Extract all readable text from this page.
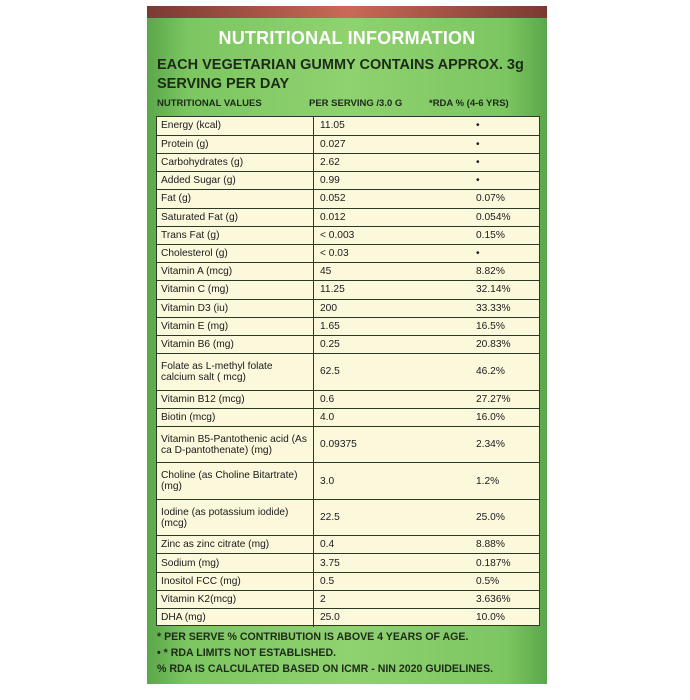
NUTRITIONAL INFORMATION
EACH VEGETARIAN GUMMY CONTAINS APPROX. 3g SERVING PER DAY
NUTRITIONAL VALUES	PER SERVING /3.0 G	*RDA % (4-6 YRS)
Energy (kcal)	11.05	•
Protein (g)	0.027	•
Carbohydrates (g)	2.62	•
Added Sugar (g)	0.99	•
Fat (g)	0.052	0.07%
Saturated Fat (g)	0.012	0.054%
Trans Fat (g)	< 0.003	0.15%
Cholesterol (g)	< 0.03	•
Vitamin A (mcg)	45	8.82%
Vitamin C (mg)	11.25	32.14%
Vitamin D3 (iu)	200	33.33%
Vitamin E (mg)	1.65	16.5%
Vitamin B6 (mg)	0.25	20.83%
Folate as L-methyl folate calcium salt ( mcg)	62.5	46.2%
Vitamin B12 (mcg)	0.6	27.27%
Biotin (mcg)	4.0	16.0%
Vitamin B5-Pantothenic acid (As ca D-pantothenate) (mg)	0.09375	2.34%
Choline (as Choline Bitartrate) (mg)	3.0	1.2%
Iodine (as potassium iodide)(mcg)	22.5	25.0%
Zinc as zinc citrate (mg)	0.4	8.88%
Sodium (mg)	3.75	0.187%
Inositol FCC (mg)	0.5	0.5%
Vitamin K2(mcg)	2	3.636%
DHA (mg)	25.0	10.0%
* PER SERVE % CONTRIBUTION IS ABOVE 4 YEARS OF AGE.
• * RDA LIMITS NOT ESTABLISHED.
% RDA IS CALCULATED BASED ON ICMR - NIN 2020 GUIDELINES.
